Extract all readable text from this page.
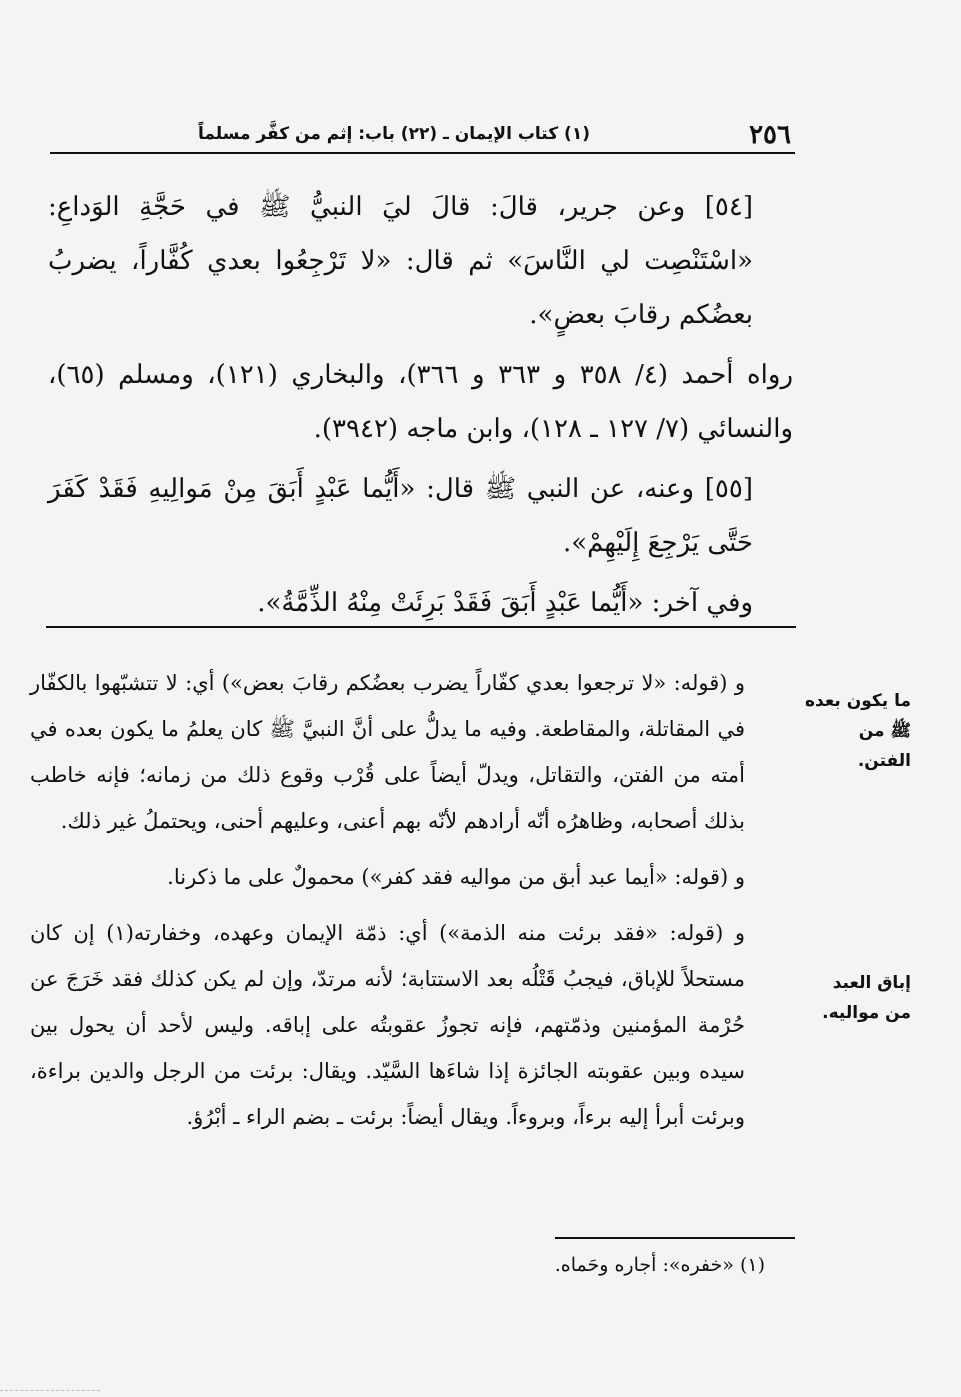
٢٥٦
(١) كتاب الإيمان ـ (٢٢) باب: إثم من كفَّر مسلماً

[٥٤] وعن جرير، قالَ: قالَ ليَ النبيُّ ﷺ في حَجَّةِ الوَداعِ: «اسْتَنْصِت لي النَّاسَ» ثم قال: «لا تَرْجِعُوا بعدي كُفَّاراً، يضربُ بعضُكم رقابَ بعضٍ».

رواه أحمد (٤/ ٣٥٨ و ٣٦٣ و ٣٦٦)، والبخاري (١٢١)، ومسلم (٦٥)، والنسائي (٧/ ١٢٧ ـ ١٢٨)، وابن ماجه (٣٩٤٢).

[٥٥] وعنه، عن النبي ﷺ قال: «أَيُّما عَبْدٍ أَبَقَ مِنْ مَوالِيهِ فَقَدْ كَفَرَ حَتَّى يَرْجِعَ إِلَيْهِمْ».

وفي آخر: «أَيُّما عَبْدٍ أَبَقَ فَقَدْ بَرِئَتْ مِنْهُ الذِّمَّةُ».

ما يكون بعده ﷺ من الفتن.
إباق العبد من مواليه.

و (قوله: «لا ترجعوا بعدي كفّاراً يضرب بعضُكم رقابَ بعض») أي: لا تتشبّهوا بالكفّار في المقاتلة، والمقاطعة. وفيه ما يدلُّ على أنَّ النبيَّ ﷺ كان يعلمُ ما يكون بعده في أمته من الفتن، والتقاتل، ويدلّ أيضاً على قُرْب وقوع ذلك من زمانه؛ فإنه خاطب بذلك أصحابه، وظاهرُه أنّه أرادهم لأنّه بهم أعنى، وعليهم أحنى، ويحتملُ غير ذلك.

و (قوله: «أيما عبد أبق من مواليه فقد كفر») محمولٌ على ما ذكرنا.

و (قوله: «فقد برئت منه الذمة») أي: ذمّة الإيمان وعهده، وخفارته(١) إن كان مستحلاً للإباق، فيجبُ قَتْلُه بعد الاستتابة؛ لأنه مرتدّ، وإن لم يكن كذلك فقد خَرَجَ عن حُرْمة المؤمنين وذمّتهم، فإنه تجوزُ عقوبتُه على إباقه. وليس لأحد أن يحول بين سيده وبين عقوبته الجائزة إذا شاءَها السَّيّد. ويقال: برئت من الرجل والدين براءة، وبرئت أبرأ إليه برءاً، وبروءاً. ويقال أيضاً: برئت ـ بضم الراء ـ أبْرُؤ.

(١) «خفره»: أجاره وحَماه.
